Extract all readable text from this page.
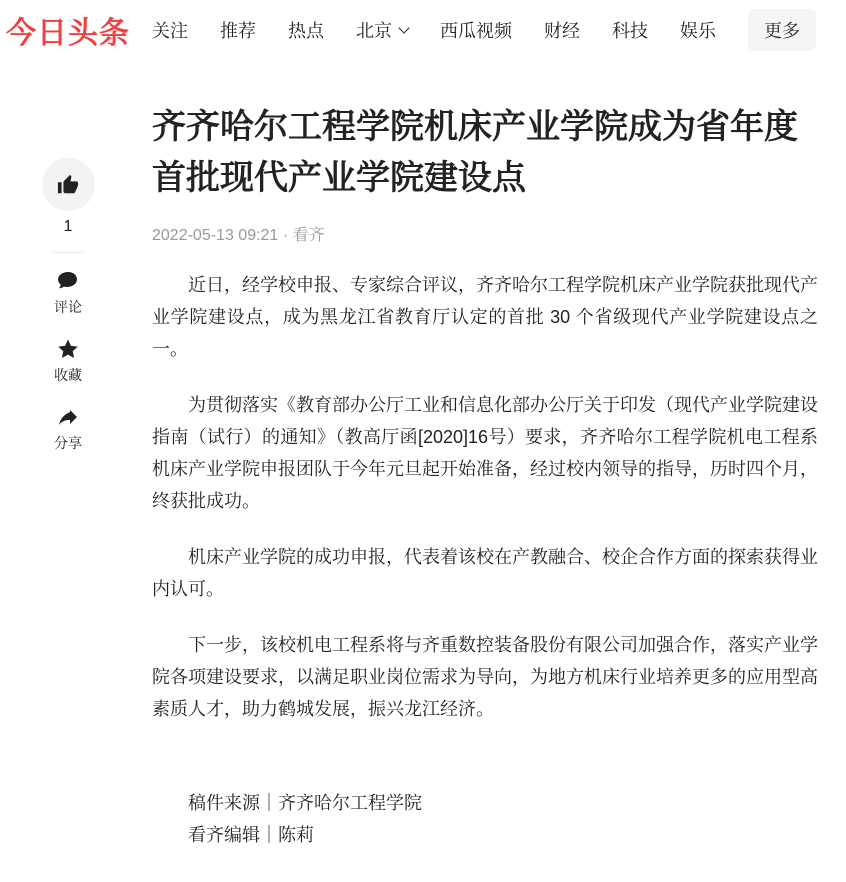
今日头条	关注 推荐 热点 北京	西瓜视频 财经 科技 娱乐	更多
1
评论
收藏
分享
齐齐哈尔工程学院机床产业学院成为省年度首批现代产业学院建设点
2022-05-13 09:21 · 看齐

近日，经学校申报、专家综合评议，齐齐哈尔工程学院机床产业学院获批现代产业学院建设点，成为黑龙江省教育厅认定的首批 30 个省级现代产业学院建设点之一。

为贯彻落实《教育部办公厅工业和信息化部办公厅关于印发（现代产业学院建设指南（试行）的通知》（教高厅函[2020]16号）要求，齐齐哈尔工程学院机电工程系机床产业学院申报团队于今年元旦起开始准备，经过校内领导的指导，历时四个月，终获批成功。

机床产业学院的成功申报，代表着该校在产教融合、校企合作方面的探索获得业内认可。

下一步，该校机电工程系将与齐重数控装备股份有限公司加强合作，落实产业学院各项建设要求，以满足职业岗位需求为导向，为地方机床行业培养更多的应用型高素质人才，助力鹤城发展，振兴龙江经济。

稿件来源｜齐齐哈尔工程学院
看齐编辑｜陈莉
